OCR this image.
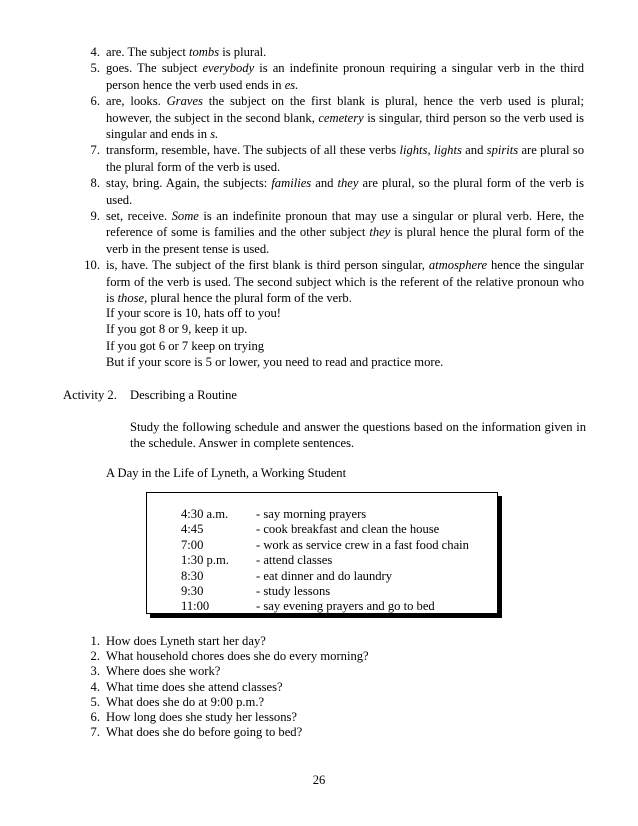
4. are. The subject tombs is plural.
5. goes. The subject everybody is an indefinite pronoun requiring a singular verb in the third person hence the verb used ends in es.
6. are, looks. Graves the subject on the first blank is plural, hence the verb used is plural; however, the subject in the second blank, cemetery is singular, third person so the verb used is singular and ends in s.
7. transform, resemble, have. The subjects of all these verbs lights, lights and spirits are plural so the plural form of the verb is used.
8. stay, bring. Again, the subjects: families and they are plural, so the plural form of the verb is used.
9. set, receive. Some is an indefinite pronoun that may use a singular or plural verb. Here, the reference of some is families and the other subject they is plural hence the plural form of the verb in the present tense is used.
10. is, have. The subject of the first blank is third person singular, atmosphere hence the singular form of the verb is used. The second subject which is the referent of the relative pronoun who is those, plural hence the plural form of the verb.
If your score is 10, hats off to you!
If you got 8 or 9, keep it up.
If you got 6 or 7 keep on trying
But if your score is 5 or lower, you need to read and practice more.
Activity 2. Describing a Routine
Study the following schedule and answer the questions based on the information given in the schedule. Answer in complete sentences.
A Day in the Life of Lyneth, a Working Student
4:30 a.m. - say morning prayers
4:45	- cook breakfast and clean the house
7:00	- work as service crew in a fast food chain
1:30 p.m. - attend classes
8:30	- eat dinner and do laundry
9:30	- study lessons
11:00	- say evening prayers and go to bed
1. How does Lyneth start her day?
2. What household chores does she do every morning?
3. Where does she work?
4. What time does she attend classes?
5. What does she do at 9:00 p.m.?
6. How long does she study her lessons?
7. What does she do before going to bed?
26
